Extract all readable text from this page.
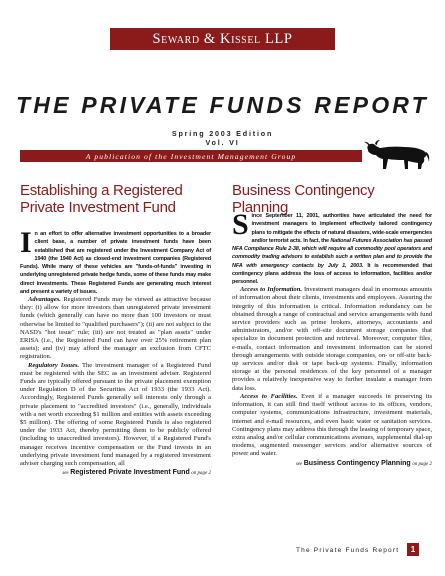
Seward & Kissel LLP
THE PRIVATE FUNDS REPORT
Spring 2003 Edition
Vol. VI
A publication of the Investment Management Group
Establishing a Registered Private Investment Fund
Business Contingency Planning

In an effort to offer alternative investment opportunities to a broader client base, a number of private investment funds have been established that are registered under the Investment Company Act of 1940 (the 1940 Act) as closed-end investment companies (Registered Funds). While many of these vehicles are "funds-of-funds" investing in underlying unregistered private hedge funds, some of these funds may make direct investments. These Registered Funds are generating much interest and present a variety of issues.

Advantages. Registered Funds may be viewed as attractive because they: (i) allow for more investors than unregistered private investment funds (which generally can have no more than 100 investors or must otherwise be limited to "qualified purchasers"); (ii) are not subject to the NASD's "hot issue" rule; (iii) are not treated as "plan assets" under ERISA (i.e., the Registered Fund can have over 25% retirement plan assets); and (iv) may afford the manager an exclusion from CFTC registration.

Regulatory Issues. The investment manager of a Registered Fund must be registered with the SEC as an investment adviser. Registered Funds are typically offered pursuant to the private placement exemption under Regulation D of the Securities Act of 1933 (the 1933 Act). Accordingly, Registered Funds generally sell interests only through a private placement to "accredited investors" (i.e., generally, individuals with a net worth exceeding $1 million and entities with assets exceeding $5 million). The offering of some Registered Funds is also registered under the 1933 Act, thereby permitting them to be publicly offered (including to unaccredited investors). However, if a Registered Fund's manager receives incentive compensation or the Fund invests in an underlying private investment fund managed by a registered investment adviser charging such compensation, all

see Registered Private Investment Fund on page 2

Since September 11, 2001, authorities have articulated the need for investment managers to implement effectively tailored contingency plans to mitigate the effects of natural disasters, wide-scale emergencies and/or terrorist acts. In fact, the National Futures Association has passed NFA Compliance Rule 2-38, which will require all commodity pool operators and commodity trading advisors to establish such a written plan and to provide the NFA with emergency contacts by July 1, 2003. It is recommended that contingency plans address the loss of access to information, facilities and/or personnel.

Access to Information. Investment managers deal in enormous amounts of information about their clients, investments and employees. Assuring the integrity of this information is critical. Information redundancy can be obtained through a range of contractual and service arrangements with fund service providers such as prime brokers, attorneys, accountants and administrators, and/or with off-site document storage companies that specialize in document protection and retrieval. Moreover, computer files, e-mails, contact information and investment information can be stored through arrangements with outside storage companies, on- or off-site back-up services and/or disk or tape back-up systems. Finally, information storage at the personal residences of the key personnel of a manager provides a relatively inexpensive way to further insulate a manager from data loss.

Access to Facilities. Even if a manager succeeds in preserving its information, it can still find itself without access to its offices, vendors, computer systems, communications infrastructure, investment materials, internet and e-mail resources, and even basic water or sanitation services. Contingency plans may address this through the leasing of temporary space, extra analog and/or cellular communications avenues, supplemental dial-up modems, augmented messenger services and/or alternative sources of power and water.

see Business Contingency Planning on page 2

The Private Funds Report 1
